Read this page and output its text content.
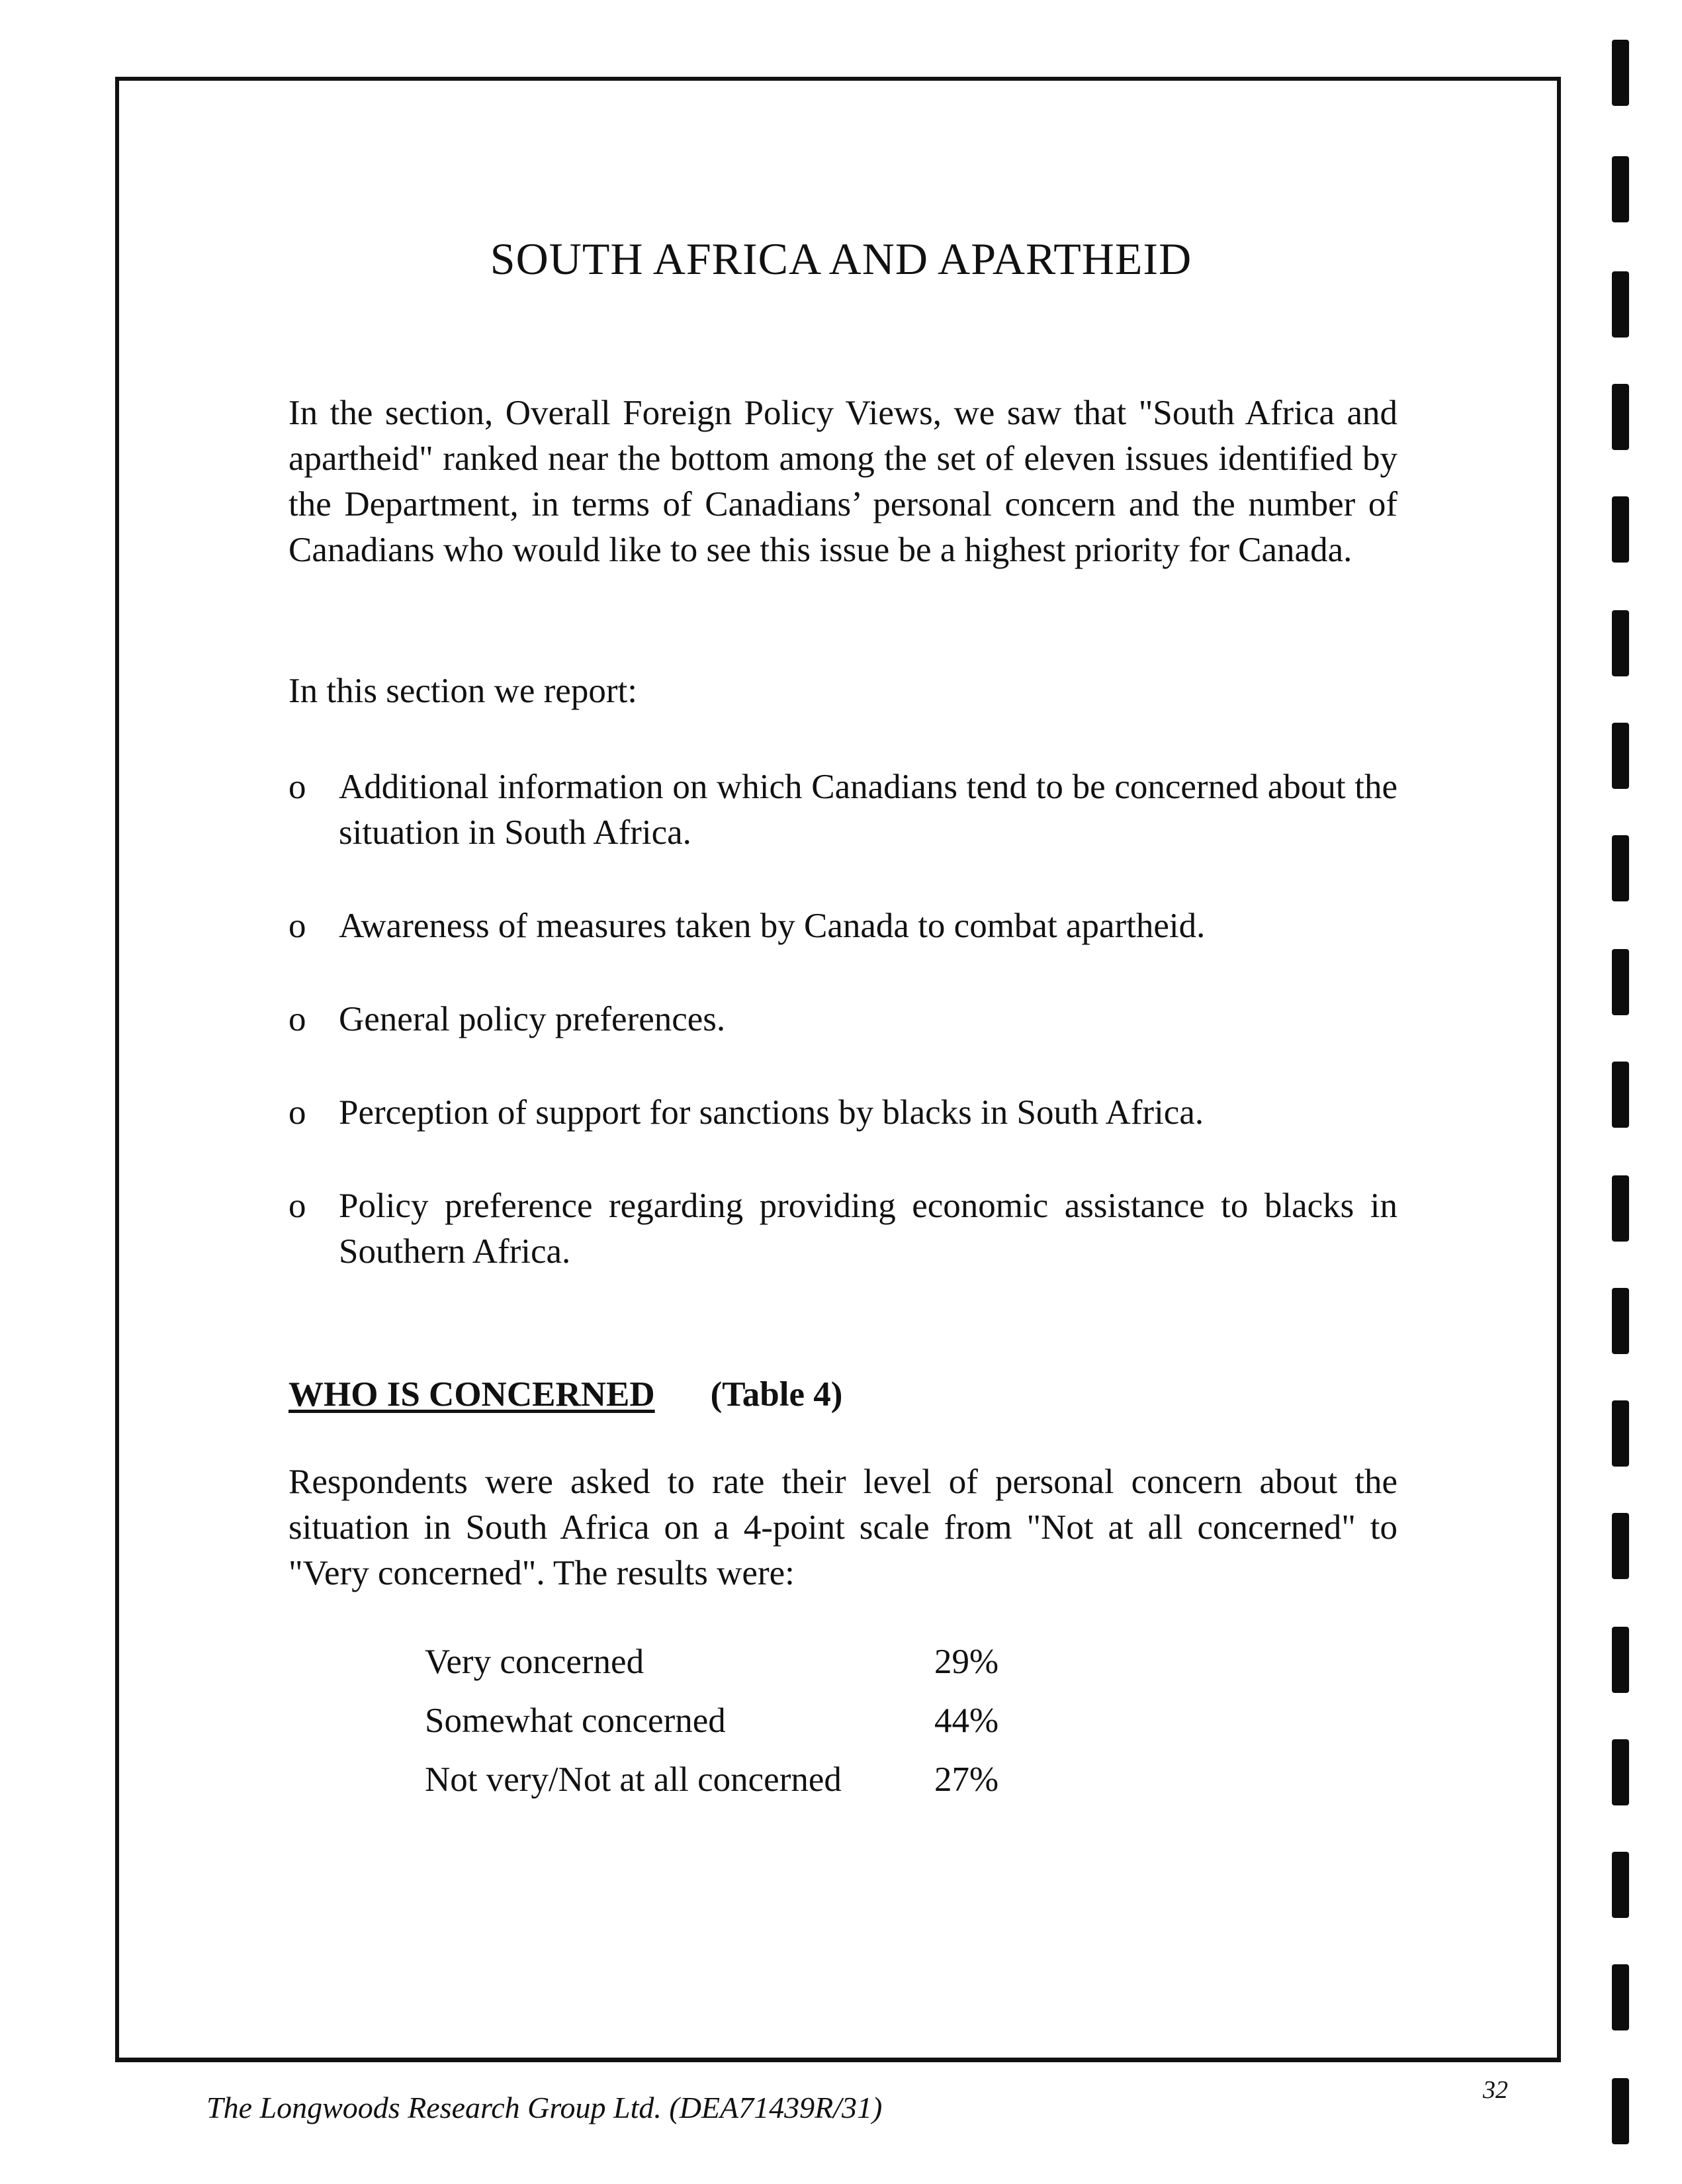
SOUTH AFRICA AND APARTHEID

In the section, Overall Foreign Policy Views, we saw that "South Africa and apartheid" ranked near the bottom among the set of eleven issues identified by the Department, in terms of Canadians’ personal concern and the number of Canadians who would like to see this issue be a highest priority for Canada.

In this section we report:

o Additional information on which Canadians tend to be concerned about the situation in South Africa.
o Awareness of measures taken by Canada to combat apartheid.
o General policy preferences.
o Perception of support for sanctions by blacks in South Africa.
o Policy preference regarding providing economic assistance to blacks in Southern Africa.
WHO IS CONCERNED (Table 4)

Respondents were asked to rate their level of personal concern about the situation in South Africa on a 4-point scale from "Not at all concerned" to "Very concerned". The results were:

Very concerned	29%
Somewhat concerned	44%
Not very/Not at all concerned	27%
The Longwoods Research Group Ltd. (DEA71439R/31)
32
